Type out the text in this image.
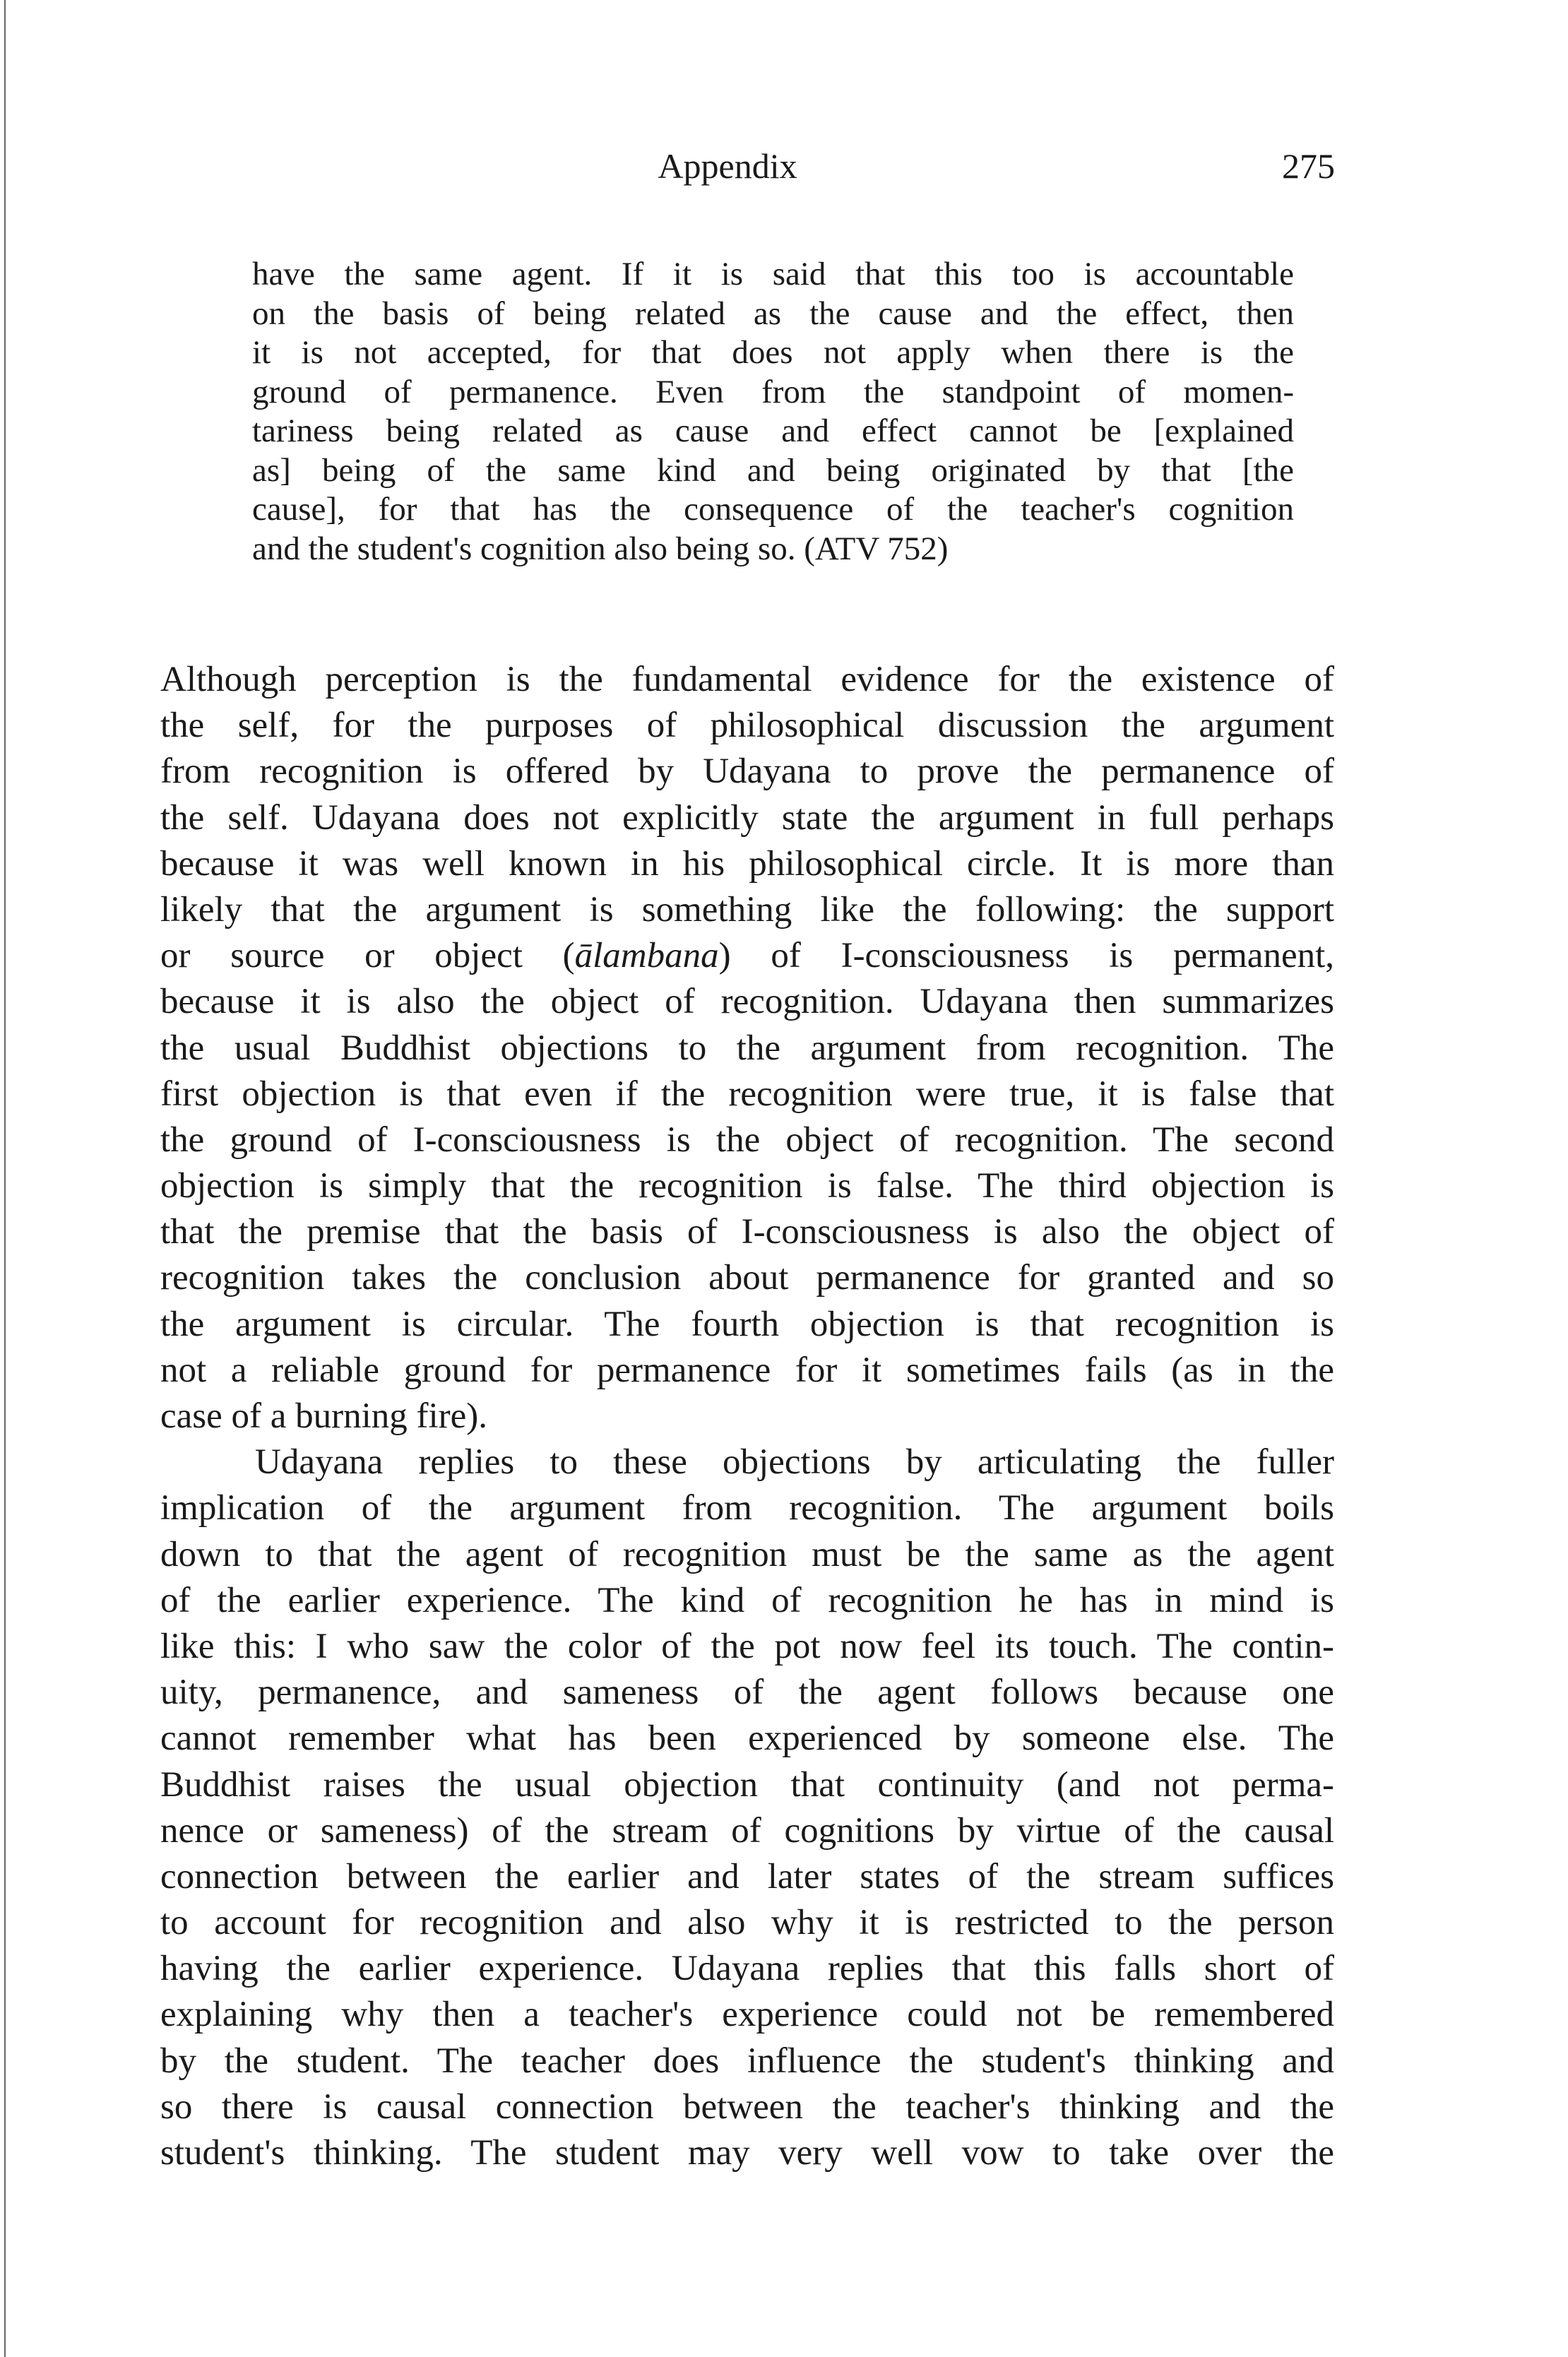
Appendix	275
have the same agent. If it is said that this too is accountable
on the basis of being related as the cause and the effect, then
it is not accepted, for that does not apply when there is the
ground of permanence. Even from the standpoint of momen-
tariness being related as cause and effect cannot be [explained
as] being of the same kind and being originated by that [the
cause], for that has the consequence of the teacher's cognition
and the student's cognition also being so. (ATV 752)
Although perception is the fundamental evidence for the existence of
the self, for the purposes of philosophical discussion the argument
from recognition is offered by Udayana to prove the permanence of
the self. Udayana does not explicitly state the argument in full perhaps
because it was well known in his philosophical circle. It is more than
likely that the argument is something like the following: the support
or source or object (ālambana) of I-consciousness is permanent,
because it is also the object of recognition. Udayana then summarizes
the usual Buddhist objections to the argument from recognition. The
first objection is that even if the recognition were true, it is false that
the ground of I-consciousness is the object of recognition. The second
objection is simply that the recognition is false. The third objection is
that the premise that the basis of I-consciousness is also the object of
recognition takes the conclusion about permanence for granted and so
the argument is circular. The fourth objection is that recognition is
not a reliable ground for permanence for it sometimes fails (as in the
case of a burning fire).
Udayana replies to these objections by articulating the fuller
implication of the argument from recognition. The argument boils
down to that the agent of recognition must be the same as the agent
of the earlier experience. The kind of recognition he has in mind is
like this: I who saw the color of the pot now feel its touch. The contin-
uity, permanence, and sameness of the agent follows because one
cannot remember what has been experienced by someone else. The
Buddhist raises the usual objection that continuity (and not perma-
nence or sameness) of the stream of cognitions by virtue of the causal
connection between the earlier and later states of the stream suffices
to account for recognition and also why it is restricted to the person
having the earlier experience. Udayana replies that this falls short of
explaining why then a teacher's experience could not be remembered
by the student. The teacher does influence the student's thinking and
so there is causal connection between the teacher's thinking and the
student's thinking. The student may very well vow to take over the
